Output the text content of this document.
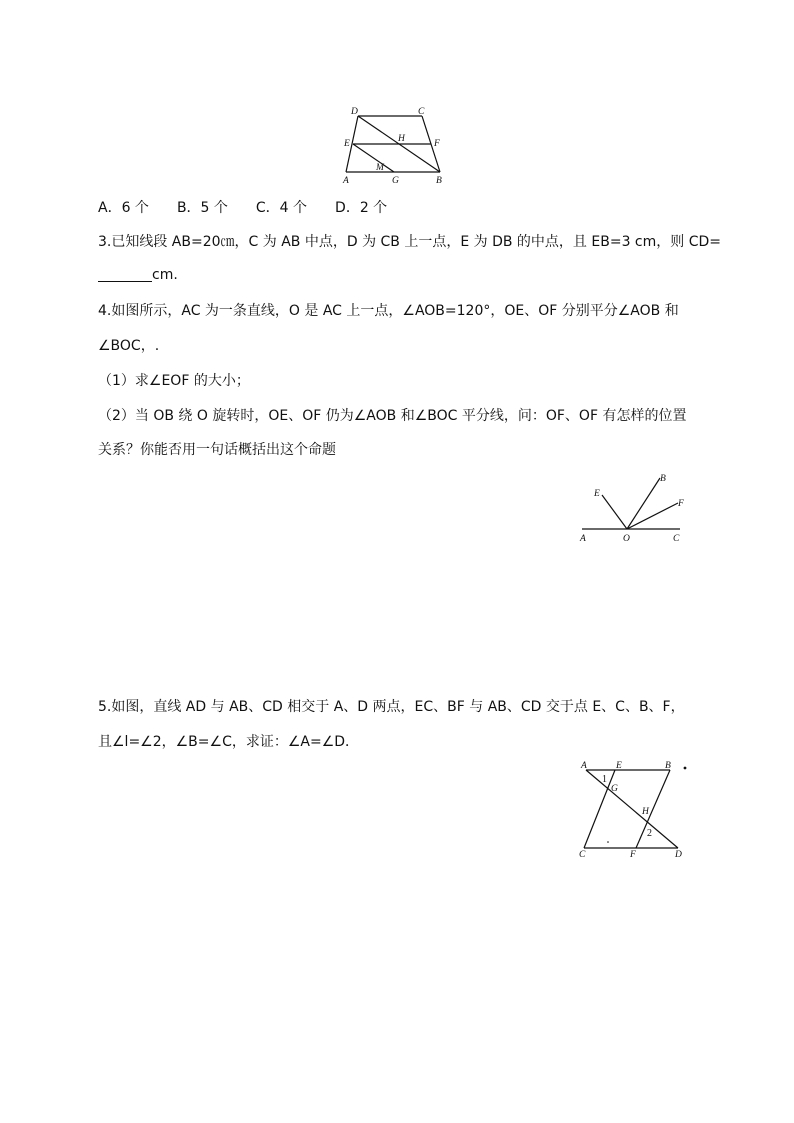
D	C
E	H	F
M
A	G	B
A．6 个 B．5 个 C．4 个 D．2 个
3.已知线段 AB=20㎝，C 为 AB 中点，D 为 CB 上一点，E 为 DB 的中点，且 EB=3 cm，则 CD=
cm.
4.如图所示，AC 为一条直线，O 是 AC 上一点，∠AOB=120°，OE、OF 分别平分∠AOB 和
∠BOC，.
（1）求∠EOF 的大小；
（2）当 OB 绕 O 旋转时，OE、OF 仍为∠AOB 和∠BOC 平分线，问：OF、OF 有怎样的位置
关系？你能否用一句话概括出这个命题
E
B
F
A	O	C
5.如图，直线 AD 与 AB、CD 相交于 A、D 两点，EC、BF 与 AB、CD 交于点 E、C、B、F，
且∠l=∠2，∠B=∠C，求证：∠A=∠D．
A	E	B
1
G
H
2
C	F	D
